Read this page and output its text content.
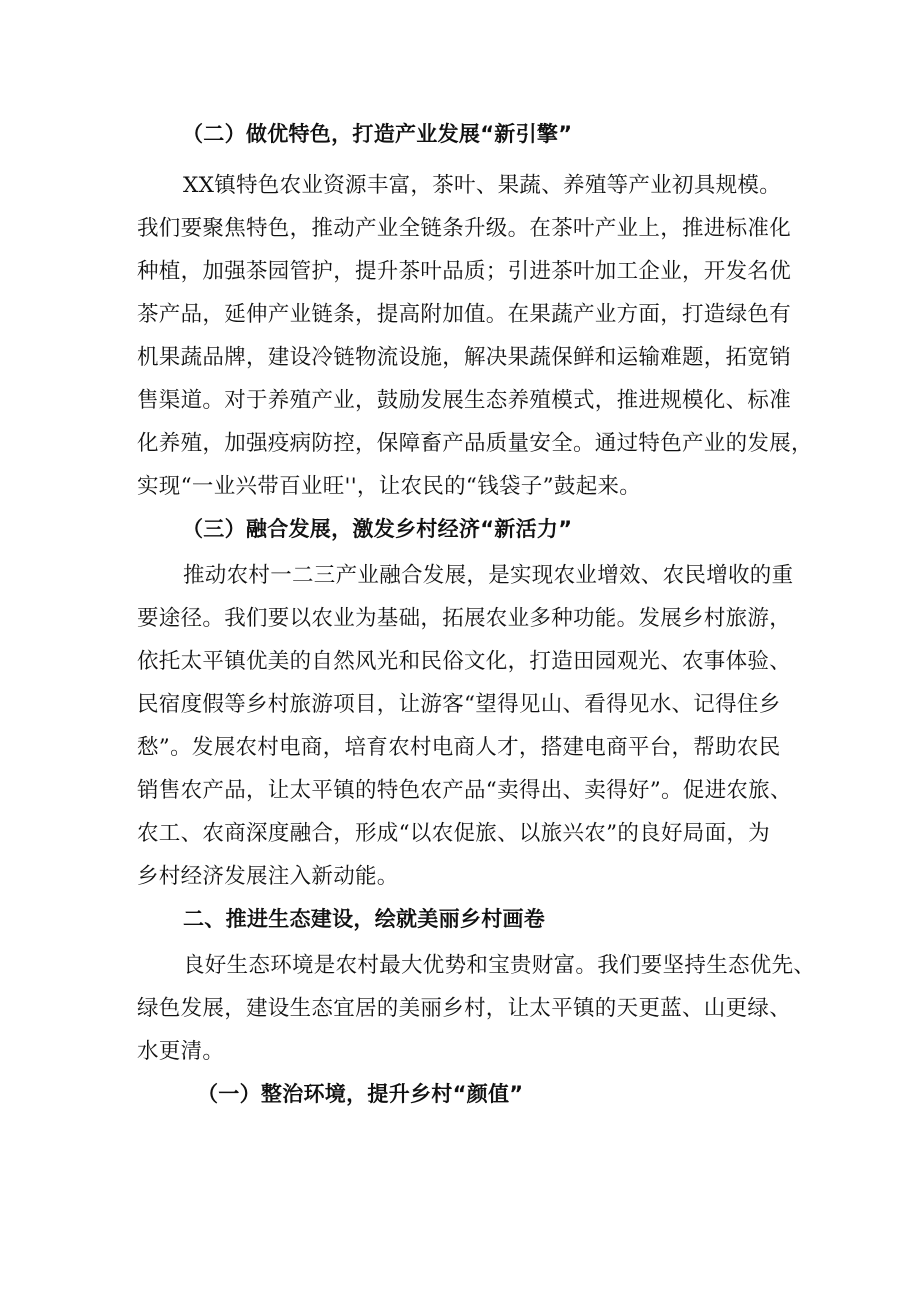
（二）做优特色，打造产业发展“新引擎”
XX镇特色农业资源丰富，茶叶、果蔬、养殖等产业初具规模。
我们要聚焦特色，推动产业全链条升级。在茶叶产业上，推进标准化
种植，加强茶园管护，提升茶叶品质；引进茶叶加工企业，开发名优
茶产品，延伸产业链条，提高附加值。在果蔬产业方面，打造绿色有
机果蔬品牌，建设冷链物流设施，解决果蔬保鲜和运输难题，拓宽销
售渠道。对于养殖产业，鼓励发展生态养殖模式，推进规模化、标准
化养殖，加强疫病防控，保障畜产品质量安全。通过特色产业的发展，
实现“一业兴带百业旺''，让农民的“钱袋子”鼓起来。
（三）融合发展，激发乡村经济“新活力”
推动农村一二三产业融合发展，是实现农业增效、农民增收的重
要途径。我们要以农业为基础，拓展农业多种功能。发展乡村旅游，
依托太平镇优美的自然风光和民俗文化，打造田园观光、农事体验、
民宿度假等乡村旅游项目，让游客“望得见山、看得见水、记得住乡
愁”。发展农村电商，培育农村电商人才，搭建电商平台，帮助农民
销售农产品，让太平镇的特色农产品“卖得出、卖得好”。促进农旅、
农工、农商深度融合，形成“以农促旅、以旅兴农”的良好局面，为
乡村经济发展注入新动能。
二、推进生态建设，绘就美丽乡村画卷
良好生态环境是农村最大优势和宝贵财富。我们要坚持生态优先、
绿色发展，建设生态宜居的美丽乡村，让太平镇的天更蓝、山更绿、
水更清。
（一）整治环境，提升乡村“颜值”
